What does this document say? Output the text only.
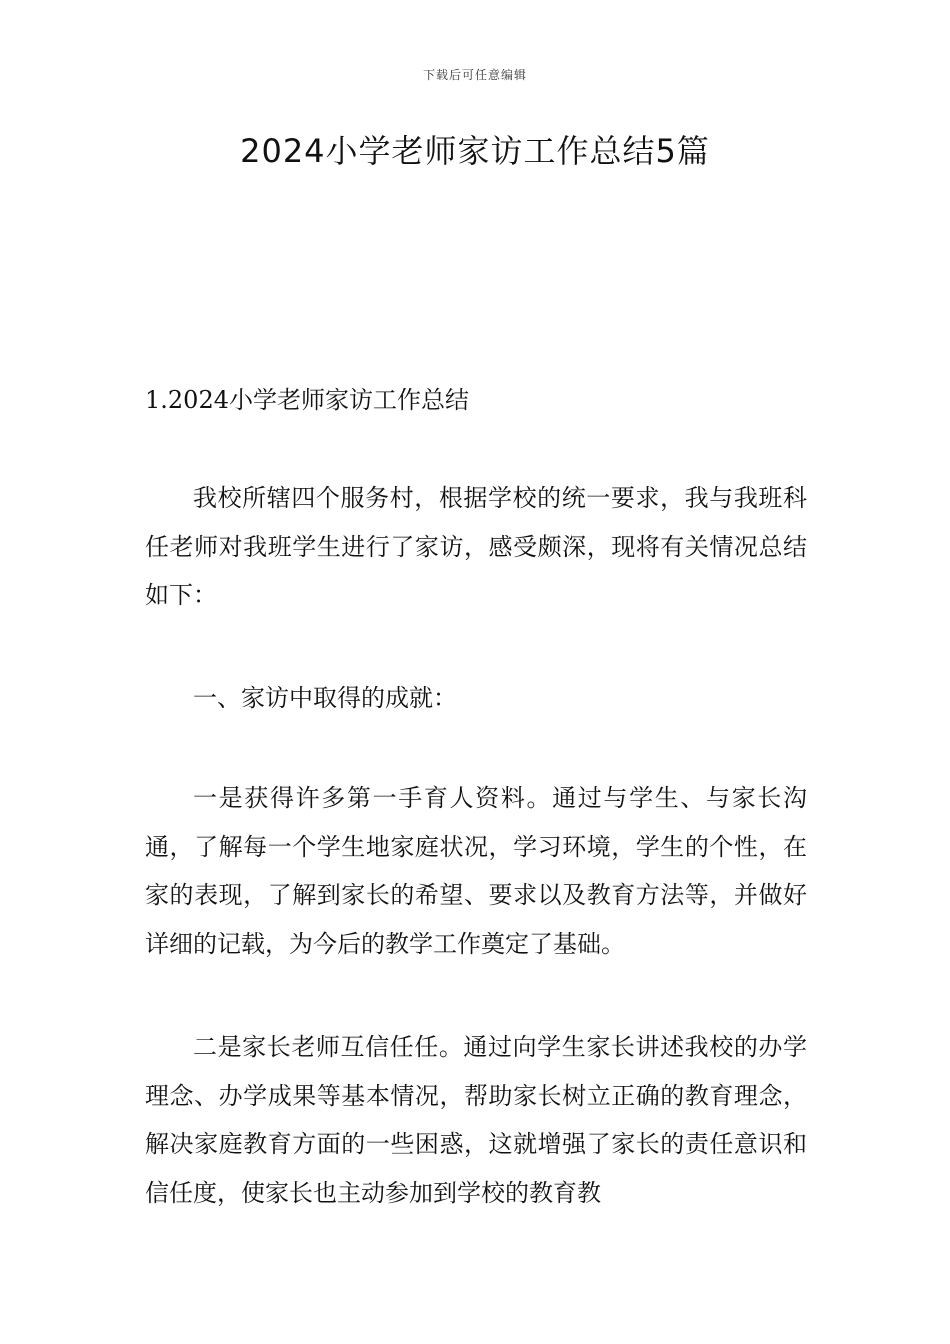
下载后可任意编辑
2024小学老师家访工作总结5篇
1.2024小学老师家访工作总结

我校所辖四个服务村，根据学校的统一要求，我与我班科任老师对我班学生进行了家访，感受颇深，现将有关情况总结如下：

一、家访中取得的成就：

一是获得许多第一手育人资料。通过与学生、与家长沟通，了解每一个学生地家庭状况，学习环境，学生的个性，在家的表现，了解到家长的希望、要求以及教育方法等，并做好详细的记载，为今后的教学工作奠定了基础。

二是家长老师互信任任。通过向学生家长讲述我校的办学理念、办学成果等基本情况，帮助家长树立正确的教育理念，解决家庭教育方面的一些困惑，这就增强了家长的责任意识和信任度，使家长也主动参加到学校的教育教
